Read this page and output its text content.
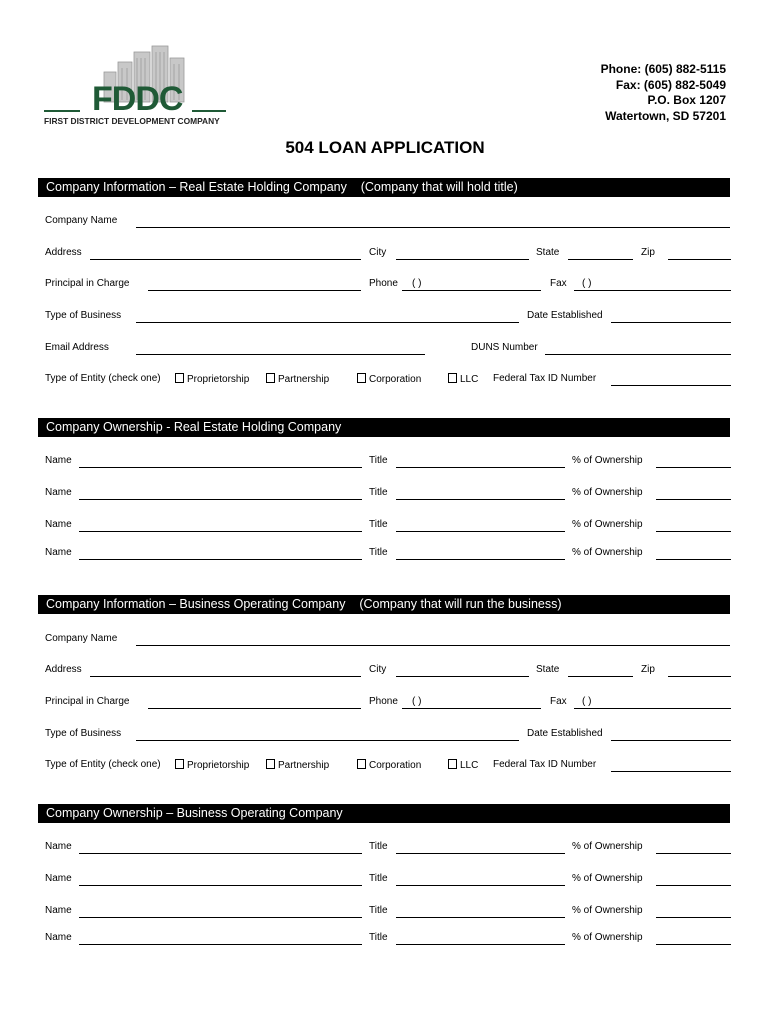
FDDC
FIRST DISTRICT DEVELOPMENT COMPANY
Phone: (605) 882-5115
Fax: (605) 882-5049
P.O. Box 1207
Watertown, SD 57201
504 LOAN APPLICATION
Company Information – Real Estate Holding Company    (Company that will hold title)
Company Name
Address	City	State	Zip
Principal in Charge	Phone ( )	Fax ( )
Type of Business	Date Established
Email Address	DUNS Number
Type of Entity (check one)	Proprietorship	Partnership	Corporation	LLC Federal Tax ID Number
Company Ownership - Real Estate Holding Company
Name	Title	% of Ownership
Name	Title	% of Ownership
Name	Title	% of Ownership
Name	Title	% of Ownership
Company Information – Business Operating Company    (Company that will run the business)
Company Name
Address	City	State	Zip
Principal in Charge	Phone ( )	Fax ( )
Type of Business	Date Established
Type of Entity (check one)	Proprietorship	Partnership	Corporation	LLC Federal Tax ID Number
Company Ownership – Business Operating Company
Name	Title	% of Ownership
Name	Title	% of Ownership
Name	Title	% of Ownership
Name	Title	% of Ownership
